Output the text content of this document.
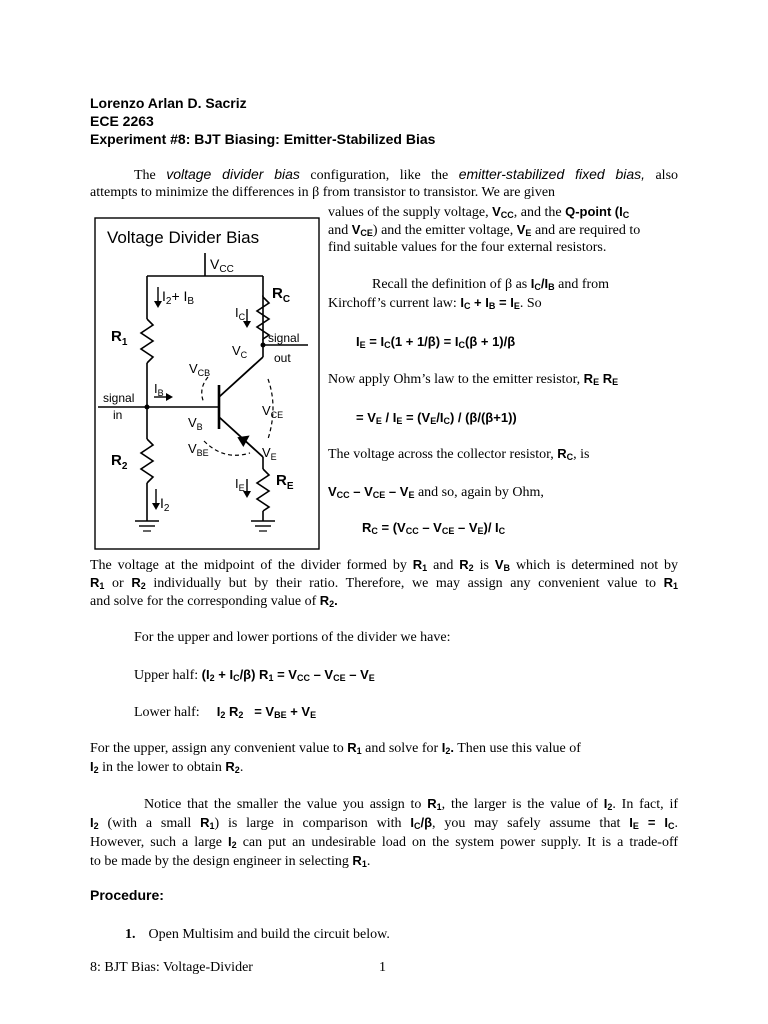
Lorenzo Arlan D. Sacriz
ECE 2263
Experiment #8: BJT Biasing: Emitter-Stabilized Bias
The voltage divider bias configuration, like the emitter-stabilized fixed bias, also
attempts to minimize the differences in β from transistor to transistor. We are given
values of the supply voltage, $V_{CC}$, and the Q-point ($I_C$
and $V_{CE}$) and the emitter voltage, $V_E$ and are required to
find suitable values for the four external resistors.
Recall the definition of β as $I_C/I_B$ and from
Kirchoff’s current law: $I_C + I_B = I_E$. So
$I_E = I_C(1 + 1/\beta) = I_C(\beta + 1)/\beta$
Now apply Ohm’s law to the emitter resistor, $R_E$ $R_E$
= $V_E / I_E = (V_E/I_C) / (\beta/(\beta+1))$
The voltage across the collector resistor, $R_C$, is
$V_{CC} - V_{CE} - V_E$ and so, again by Ohm,
$R_C = (V_{CC} - V_{CE} - V_E)/$ $I_C$
Voltage Divider Bias
$V_{CC}$
$R_1$
$R_2$
$I_2+ I_B$
$I_2$
signal
in
$I_B$
$R_C$
signal
out
$I_C$
$R_E$
$I_E$
$V_{CB}$
$V_C$
$V_B$
$V_{CE}$
$V_{BE}$	$V_E$
The voltage at the midpoint of the divider formed by $R_1$ and $R_2$ is $V_B$ which is determined not by
$R_1$ or $R_2$ individually but by their ratio. Therefore, we may assign any convenient value to $R_1$
and solve for the corresponding value of $R_2$.
For the upper and lower portions of the divider we have:
Upper half: $(I_2 + I_C/\beta) R_1 = V_{CC} - V_{CE} - V_E$
Lower half: $I_2$ $R_2 = V_{BE} + V_E$
For the upper, assign any convenient value to $R_1$ and solve for $I_2$. Then use this value of
$I_2$ in the lower to obtain $R_2$.
Notice that the smaller the value you assign to $R_1$, the larger is the value of $I_2$. In fact, if
$I_2$ (with a small $R_1$) is large in comparison with $I_C/\beta$, you may safely assume that $I_E = I_C$.
However, such a large $I_2$ can put an undesirable load on the system power supply. It is a trade-off
to be made by the design engineer in selecting $R_1$.
Procedure:
1. Open Multisim and build the circuit below.
8: BJT Bias: Voltage-Divider	1
